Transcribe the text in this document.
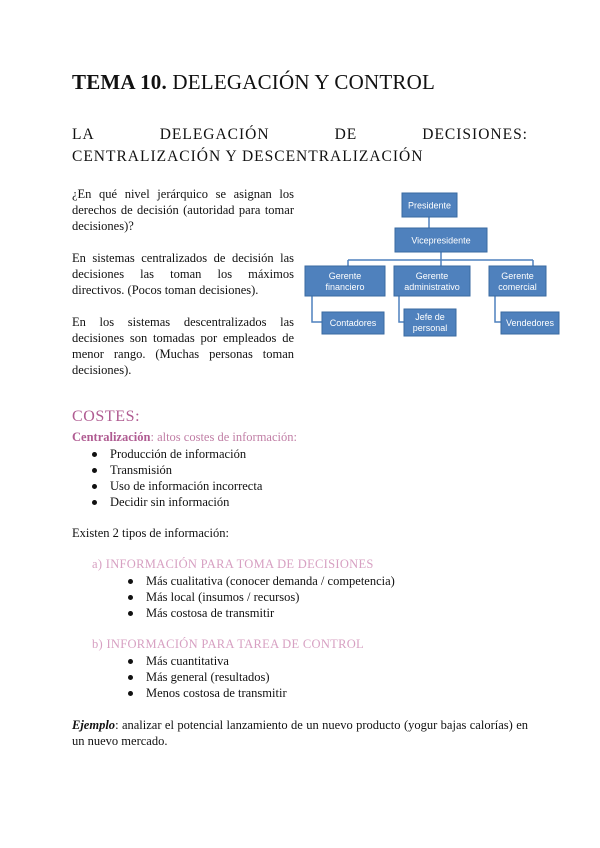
TEMA 10. DELEGACIÓN Y CONTROL
LA	DELEGACIÓN	DE	DECISIONES:
CENTRALIZACIÓN Y DESCENTRALIZACIÓN

¿En qué nivel jerárquico se asignan los derechos de decisión (autoridad para tomar decisiones)?

En sistemas centralizados de decisión las decisiones las toman los máximos directivos. (Pocos toman decisiones).

En los sistemas descentralizados las decisiones son tomadas por empleados de menor rango. (Muchas personas toman decisiones).

Presidente
Vicepresidente
Gerente
financiero
Gerente
administrativo
Gerente
comercial
Contadores
Jefe de
personal	Vendedores
COSTES:
Centralización: altos costes de información:
Producción de información
Transmisión
Uso de información incorrecta
Decidir sin información
Existen 2 tipos de información:
a) INFORMACIÓN PARA TOMA DE DECISIONES
Más cualitativa (conocer demanda / competencia)
Más local (insumos / recursos)
Más costosa de transmitir
b) INFORMACIÓN PARA TAREA DE CONTROL
Más cuantitativa
Más general (resultados)
Menos costosa de transmitir
Ejemplo: analizar el potencial lanzamiento de un nuevo producto (yogur bajas calorías) en un nuevo mercado.
